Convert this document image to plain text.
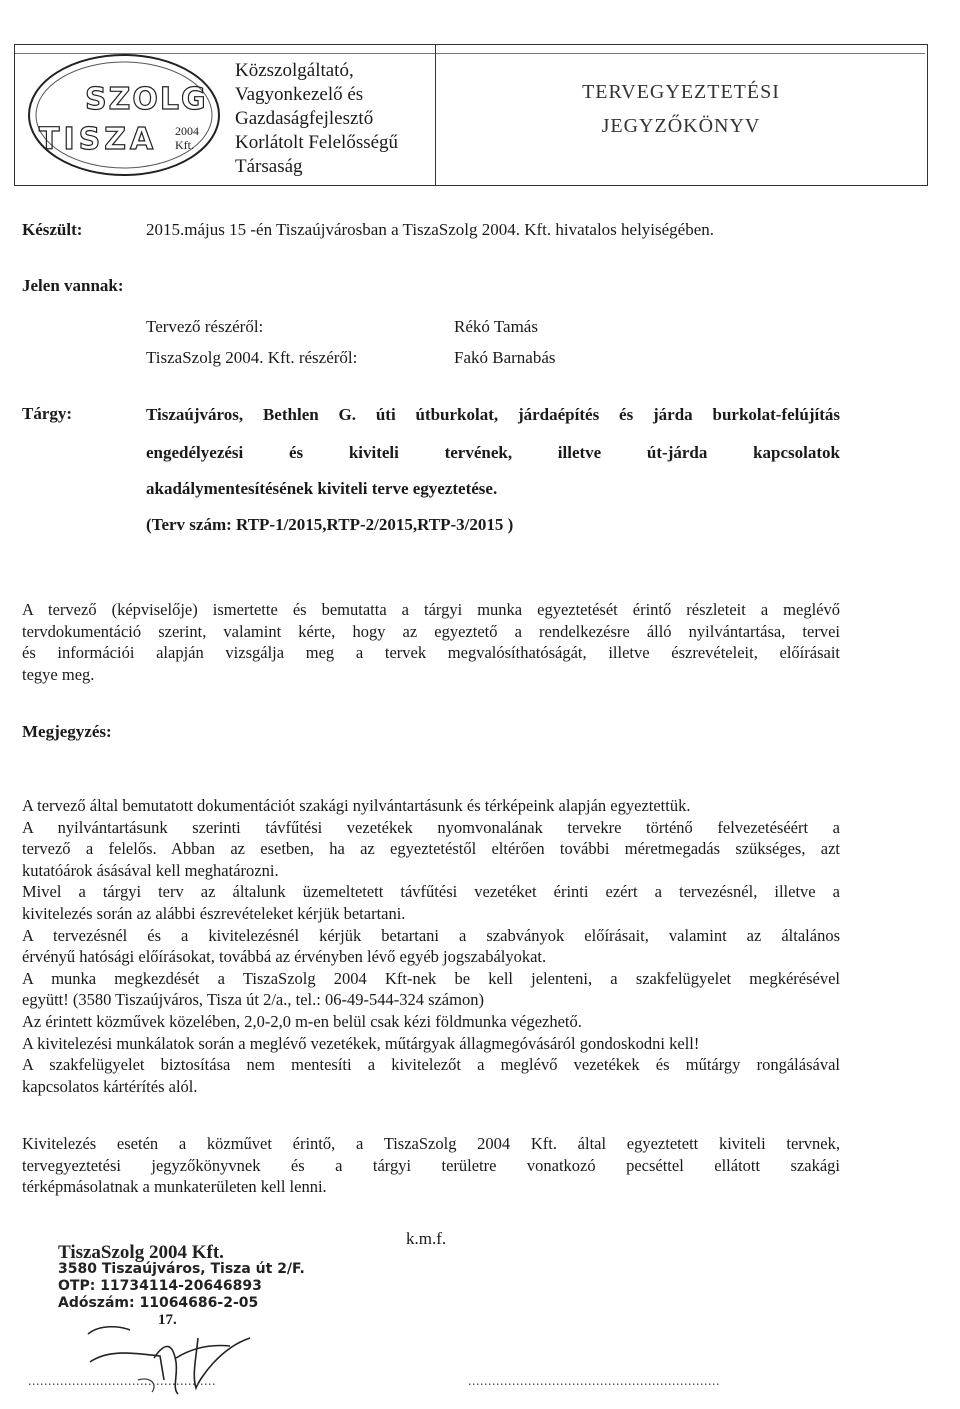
SZOLG
TISZA 2004
Kft.
Közszolgáltató,
Vagyonkezelő és
Gazdaságfejlesztő
Korlátolt Felelősségű
Társaság
TERVEGYEZTETÉSI
JEGYZŐKÖNYV
Készült:	2015.május 15 -én Tiszaújvárosban a TiszaSzolg 2004. Kft. hivatalos helyiségében.
Jelen vannak:
Tervező részéről:	Rékó Tamás
TiszaSzolg 2004. Kft. részéről:	Fakó Barnabás
Tárgy:	Tiszaújváros, Bethlen G. úti útburkolat, járdaépítés és járda burkolat-felújítás
engedélyezési és kiviteli tervének, illetve út-járda kapcsolatok
akadálymentesítésének kiviteli terve egyeztetése.
(Terv szám: RTP-1/2015,RTP-2/2015,RTP-3/2015 )
A tervező (képviselője) ismertette és bemutatta a tárgyi munka egyeztetését érintő részleteit a meglévő
tervdokumentáció szerint, valamint kérte, hogy az egyeztető a rendelkezésre álló nyilvántartása, tervei
és információi alapján vizsgálja meg a tervek megvalósíthatóságát, illetve észrevételeit, előírásait
tegye meg.
Megjegyzés:
A tervező által bemutatott dokumentációt szakági nyilvántartásunk és térképeink alapján egyeztettük.
A nyilvántartásunk szerinti távfűtési vezetékek nyomvonalának tervekre történő felvezetéséért a
tervező a felelős. Abban az esetben, ha az egyeztetéstől eltérően további méretmegadás szükséges, azt
kutatóárok ásásával kell meghatározni.
Mivel a tárgyi terv az általunk üzemeltetett távfűtési vezetéket érinti ezért a tervezésnél, illetve a
kivitelezés során az alábbi észrevételeket kérjük betartani.
A tervezésnél és a kivitelezésnél kérjük betartani a szabványok előírásait, valamint az általános
érvényű hatósági előírásokat, továbbá az érvényben lévő egyéb jogszabályokat.
A munka megkezdését a TiszaSzolg 2004 Kft-nek be kell jelenteni, a szakfelügyelet megkérésével
együtt! (3580 Tiszaújváros, Tisza út 2/a., tel.: 06-49-544-324 számon)
Az érintett közművek közelében, 2,0-2,0 m-en belül csak kézi földmunka végezhető.
A kivitelezési munkálatok során a meglévő vezetékek, műtárgyak állagmegóvásáról gondoskodni kell!
A szakfelügyelet biztosítása nem mentesíti a kivitelezőt a meglévő vezetékek és műtárgy rongálásával
kapcsolatos kártérítés alól.
Kivitelezés esetén a közművet érintő, a TiszaSzolg 2004 Kft. által egyeztetett kiviteli tervnek,
tervegyeztetési jegyzőkönyvnek és a tárgyi területre vonatkozó pecséttel ellátott szakági
térképmásolatnak a munkaterületen kell lenni.
k.m.f.
TiszaSzolg 2004 Kft.
3580 Tiszaújváros, Tisza út 2/F.
OTP: 11734114-20646893
Adószám: 11064686-2-05
17.
...............................................	...............................................................
